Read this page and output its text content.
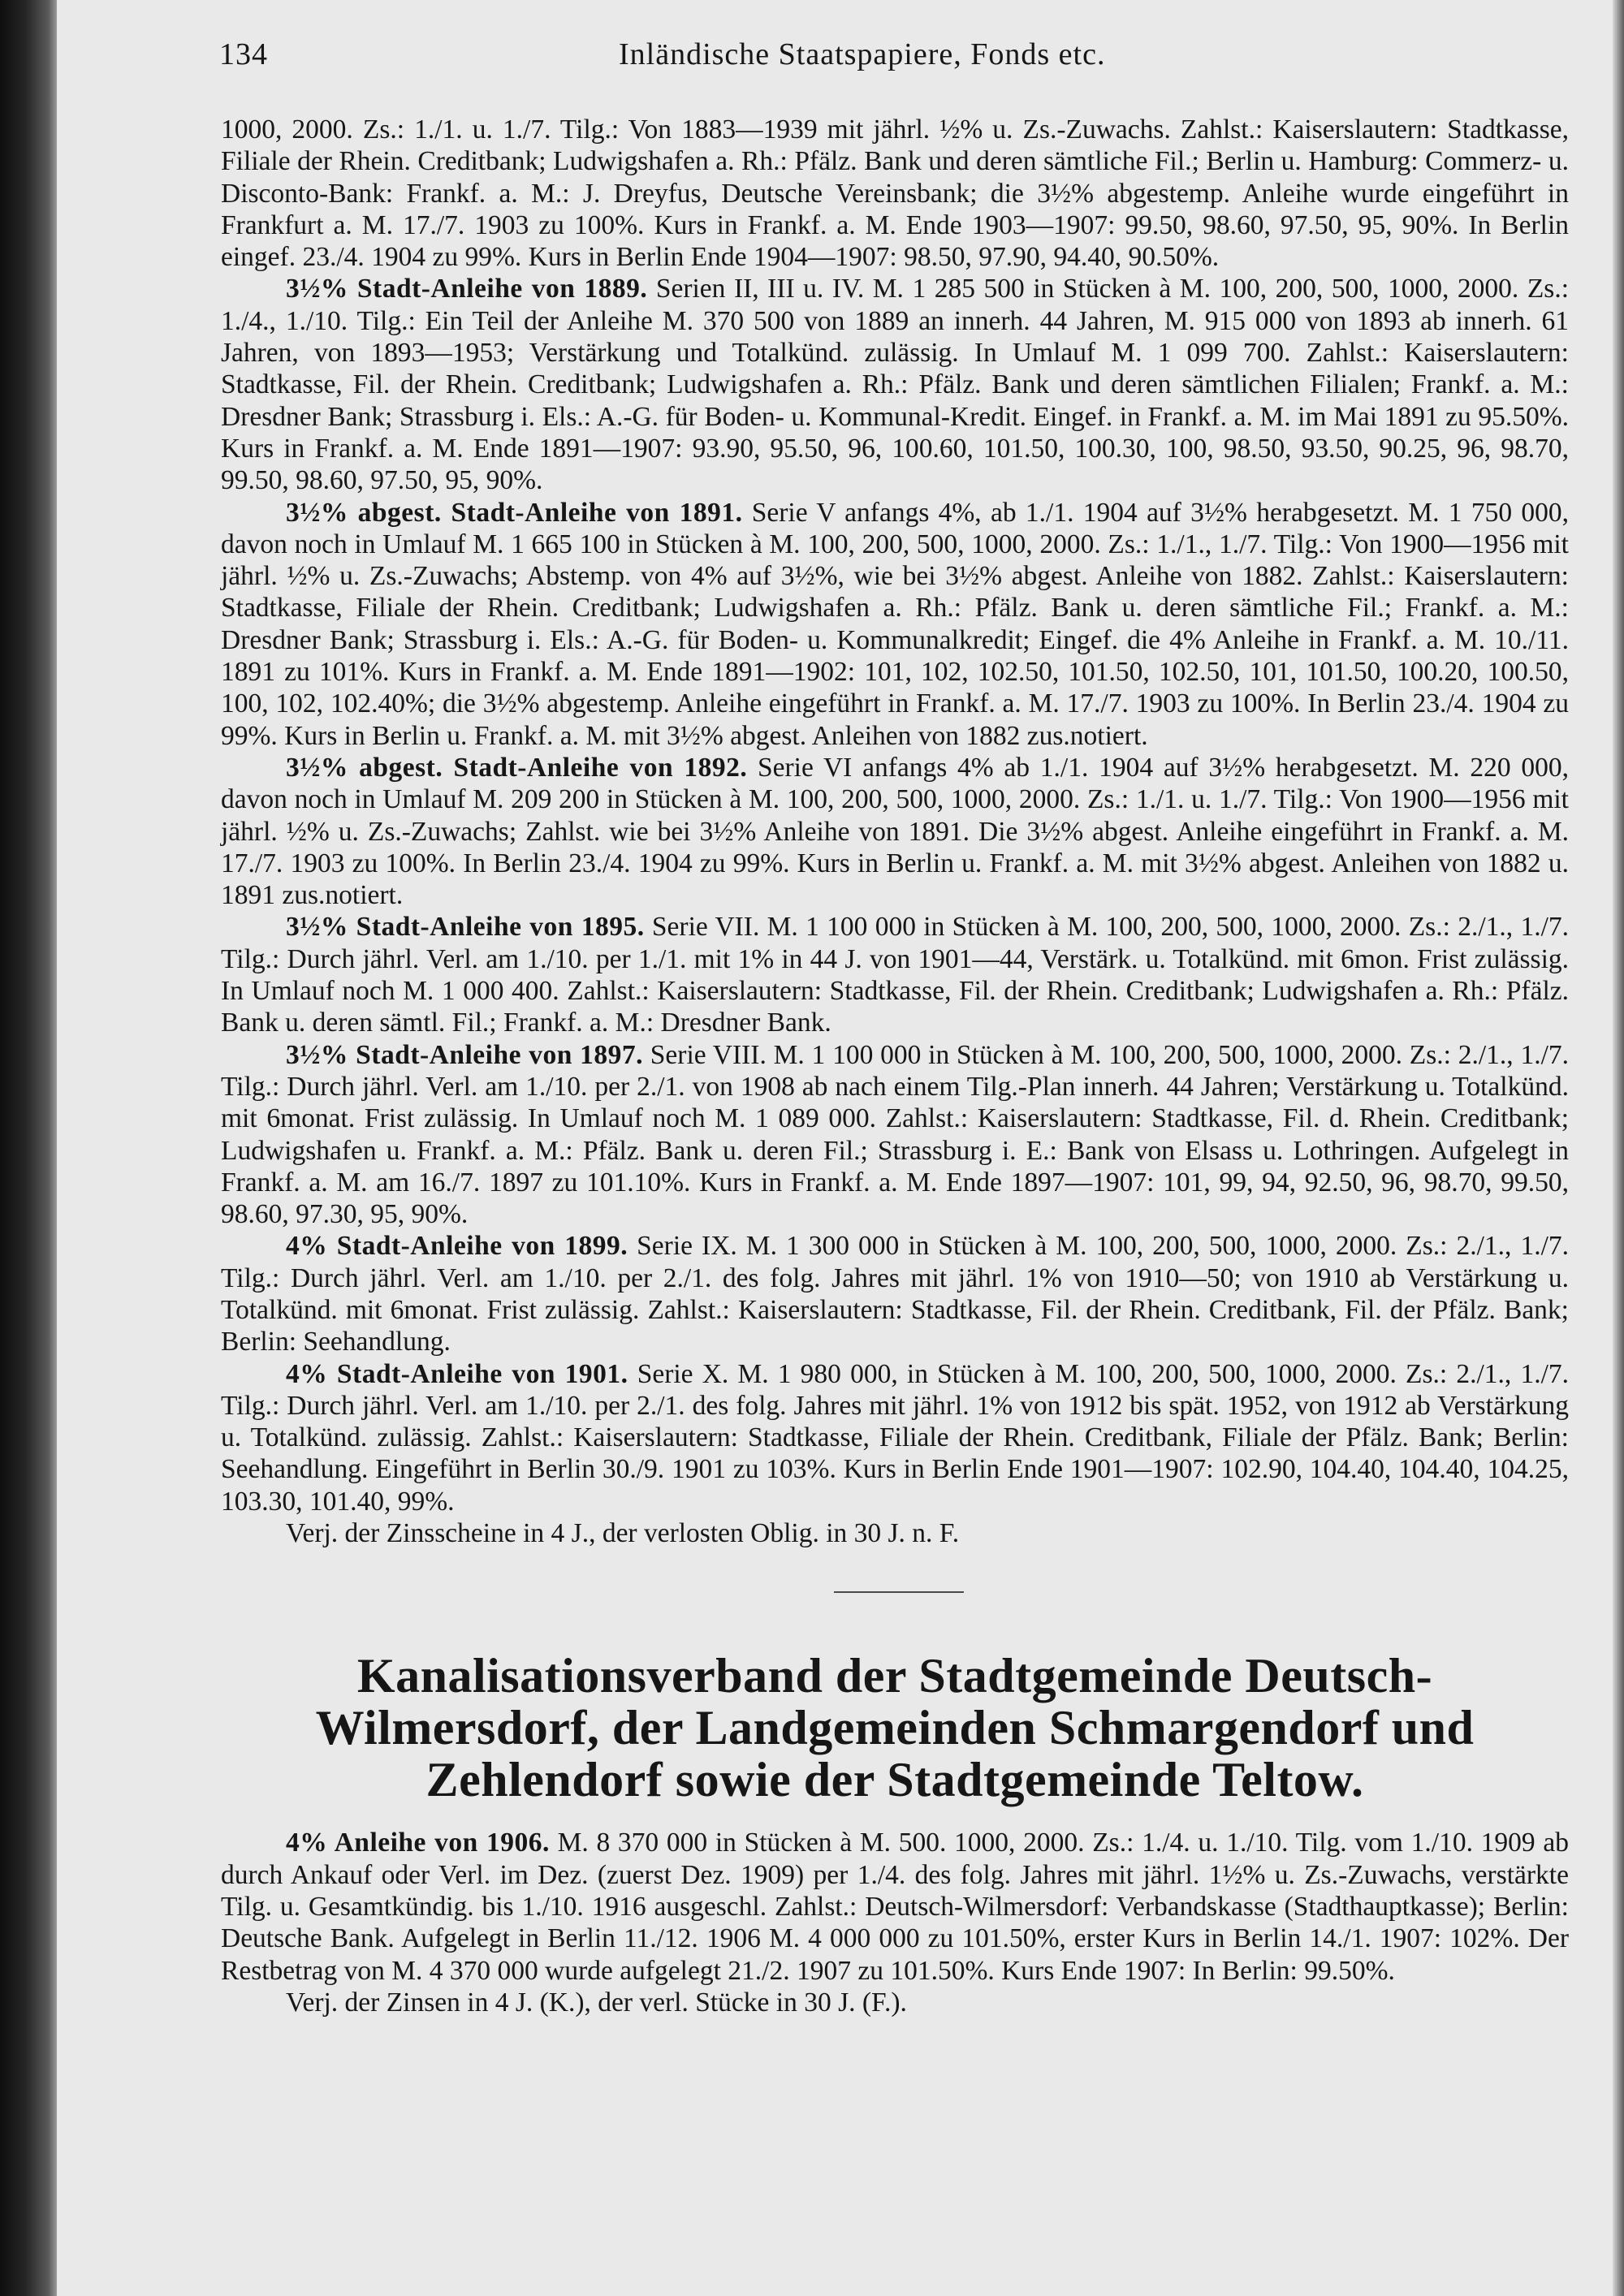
134	Inländische Staatspapiere, Fonds etc.

1000, 2000. Zs.: 1./1. u. 1./7. Tilg.: Von 1883—1939 mit jährl. ½% u. Zs.-Zuwachs. Zahlst.: Kaiserslautern: Stadtkasse, Filiale der Rhein. Creditbank; Ludwigshafen a. Rh.: Pfälz. Bank und deren sämtliche Fil.; Berlin u. Hamburg: Commerz- u. Disconto-Bank: Frankf. a. M.: J. Dreyfus, Deutsche Vereinsbank; die 3½% abgestemp. Anleihe wurde eingeführt in Frankfurt a. M. 17./7. 1903 zu 100%. Kurs in Frankf. a. M. Ende 1903—1907: 99.50, 98.60, 97.50, 95, 90%. In Berlin eingef. 23./4. 1904 zu 99%. Kurs in Berlin Ende 1904—1907: 98.50, 97.90, 94.40, 90.50%.

3½% Stadt-Anleihe von 1889. Serien II, III u. IV. M. 1 285 500 in Stücken à M. 100, 200, 500, 1000, 2000. Zs.: 1./4., 1./10. Tilg.: Ein Teil der Anleihe M. 370 500 von 1889 an innerh. 44 Jahren, M. 915 000 von 1893 ab innerh. 61 Jahren, von 1893—1953; Verstärkung und Totalkünd. zulässig. In Umlauf M. 1 099 700. Zahlst.: Kaiserslautern: Stadtkasse, Fil. der Rhein. Creditbank; Ludwigshafen a. Rh.: Pfälz. Bank und deren sämtlichen Filialen; Frankf. a. M.: Dresdner Bank; Strassburg i. Els.: A.-G. für Boden- u. Kommunal-Kredit. Eingef. in Frankf. a. M. im Mai 1891 zu 95.50%. Kurs in Frankf. a. M. Ende 1891—1907: 93.90, 95.50, 96, 100.60, 101.50, 100.30, 100, 98.50, 93.50, 90.25, 96, 98.70, 99.50, 98.60, 97.50, 95, 90%.

3½% abgest. Stadt-Anleihe von 1891. Serie V anfangs 4%, ab 1./1. 1904 auf 3½% herabgesetzt. M. 1 750 000, davon noch in Umlauf M. 1 665 100 in Stücken à M. 100, 200, 500, 1000, 2000. Zs.: 1./1., 1./7. Tilg.: Von 1900—1956 mit jährl. ½% u. Zs.-Zuwachs; Abstemp. von 4% auf 3½%, wie bei 3½% abgest. Anleihe von 1882. Zahlst.: Kaiserslautern: Stadtkasse, Filiale der Rhein. Creditbank; Ludwigshafen a. Rh.: Pfälz. Bank u. deren sämtliche Fil.; Frankf. a. M.: Dresdner Bank; Strassburg i. Els.: A.-G. für Boden- u. Kommunalkredit; Eingef. die 4% Anleihe in Frankf. a. M. 10./11. 1891 zu 101%. Kurs in Frankf. a. M. Ende 1891—1902: 101, 102, 102.50, 101.50, 102.50, 101, 101.50, 100.20, 100.50, 100, 102, 102.40%; die 3½% abgestemp. Anleihe eingeführt in Frankf. a. M. 17./7. 1903 zu 100%. In Berlin 23./4. 1904 zu 99%. Kurs in Berlin u. Frankf. a. M. mit 3½% abgest. Anleihen von 1882 zus.notiert.

3½% abgest. Stadt-Anleihe von 1892. Serie VI anfangs 4% ab 1./1. 1904 auf 3½% herabgesetzt. M. 220 000, davon noch in Umlauf M. 209 200 in Stücken à M. 100, 200, 500, 1000, 2000. Zs.: 1./1. u. 1./7. Tilg.: Von 1900—1956 mit jährl. ½% u. Zs.-Zuwachs; Zahlst. wie bei 3½% Anleihe von 1891. Die 3½% abgest. Anleihe eingeführt in Frankf. a. M. 17./7. 1903 zu 100%. In Berlin 23./4. 1904 zu 99%. Kurs in Berlin u. Frankf. a. M. mit 3½% abgest. Anleihen von 1882 u. 1891 zus.notiert.

3½% Stadt-Anleihe von 1895. Serie VII. M. 1 100 000 in Stücken à M. 100, 200, 500, 1000, 2000. Zs.: 2./1., 1./7. Tilg.: Durch jährl. Verl. am 1./10. per 1./1. mit 1% in 44 J. von 1901—44, Verstärk. u. Totalkünd. mit 6mon. Frist zulässig. In Umlauf noch M. 1 000 400. Zahlst.: Kaiserslautern: Stadtkasse, Fil. der Rhein. Creditbank; Ludwigshafen a. Rh.: Pfälz. Bank u. deren sämtl. Fil.; Frankf. a. M.: Dresdner Bank.

3½% Stadt-Anleihe von 1897. Serie VIII. M. 1 100 000 in Stücken à M. 100, 200, 500, 1000, 2000. Zs.: 2./1., 1./7. Tilg.: Durch jährl. Verl. am 1./10. per 2./1. von 1908 ab nach einem Tilg.-Plan innerh. 44 Jahren; Verstärkung u. Totalkünd. mit 6monat. Frist zulässig. In Umlauf noch M. 1 089 000. Zahlst.: Kaiserslautern: Stadtkasse, Fil. d. Rhein. Creditbank; Ludwigshafen u. Frankf. a. M.: Pfälz. Bank u. deren Fil.; Strassburg i. E.: Bank von Elsass u. Lothringen. Aufgelegt in Frankf. a. M. am 16./7. 1897 zu 101.10%. Kurs in Frankf. a. M. Ende 1897—1907: 101, 99, 94, 92.50, 96, 98.70, 99.50, 98.60, 97.30, 95, 90%.

4% Stadt-Anleihe von 1899. Serie IX. M. 1 300 000 in Stücken à M. 100, 200, 500, 1000, 2000. Zs.: 2./1., 1./7. Tilg.: Durch jährl. Verl. am 1./10. per 2./1. des folg. Jahres mit jährl. 1% von 1910—50; von 1910 ab Verstärkung u. Totalkünd. mit 6monat. Frist zulässig. Zahlst.: Kaiserslautern: Stadtkasse, Fil. der Rhein. Creditbank, Fil. der Pfälz. Bank; Berlin: Seehandlung.

4% Stadt-Anleihe von 1901. Serie X. M. 1 980 000, in Stücken à M. 100, 200, 500, 1000, 2000. Zs.: 2./1., 1./7. Tilg.: Durch jährl. Verl. am 1./10. per 2./1. des folg. Jahres mit jährl. 1% von 1912 bis spät. 1952, von 1912 ab Verstärkung u. Totalkünd. zulässig. Zahlst.: Kaiserslautern: Stadtkasse, Filiale der Rhein. Creditbank, Filiale der Pfälz. Bank; Berlin: Seehandlung. Eingeführt in Berlin 30./9. 1901 zu 103%. Kurs in Berlin Ende 1901—1907: 102.90, 104.40, 104.40, 104.25, 103.30, 101.40, 99%.

Verj. der Zinsscheine in 4 J., der verlosten Oblig. in 30 J. n. F.

Kanalisationsverband der Stadtgemeinde Deutsch-
Wilmersdorf, der Landgemeinden Schmargendorf und
Zehlendorf sowie der Stadtgemeinde Teltow.

4% Anleihe von 1906. M. 8 370 000 in Stücken à M. 500. 1000, 2000. Zs.: 1./4. u. 1./10. Tilg. vom 1./10. 1909 ab durch Ankauf oder Verl. im Dez. (zuerst Dez. 1909) per 1./4. des folg. Jahres mit jährl. 1½% u. Zs.-Zuwachs, verstärkte Tilg. u. Gesamtkündig. bis 1./10. 1916 ausgeschl. Zahlst.: Deutsch-Wilmersdorf: Verbandskasse (Stadthauptkasse); Berlin: Deutsche Bank. Aufgelegt in Berlin 11./12. 1906 M. 4 000 000 zu 101.50%, erster Kurs in Berlin 14./1. 1907: 102%. Der Restbetrag von M. 4 370 000 wurde aufgelegt 21./2. 1907 zu 101.50%. Kurs Ende 1907: In Berlin: 99.50%.

Verj. der Zinsen in 4 J. (K.), der verl. Stücke in 30 J. (F.).
